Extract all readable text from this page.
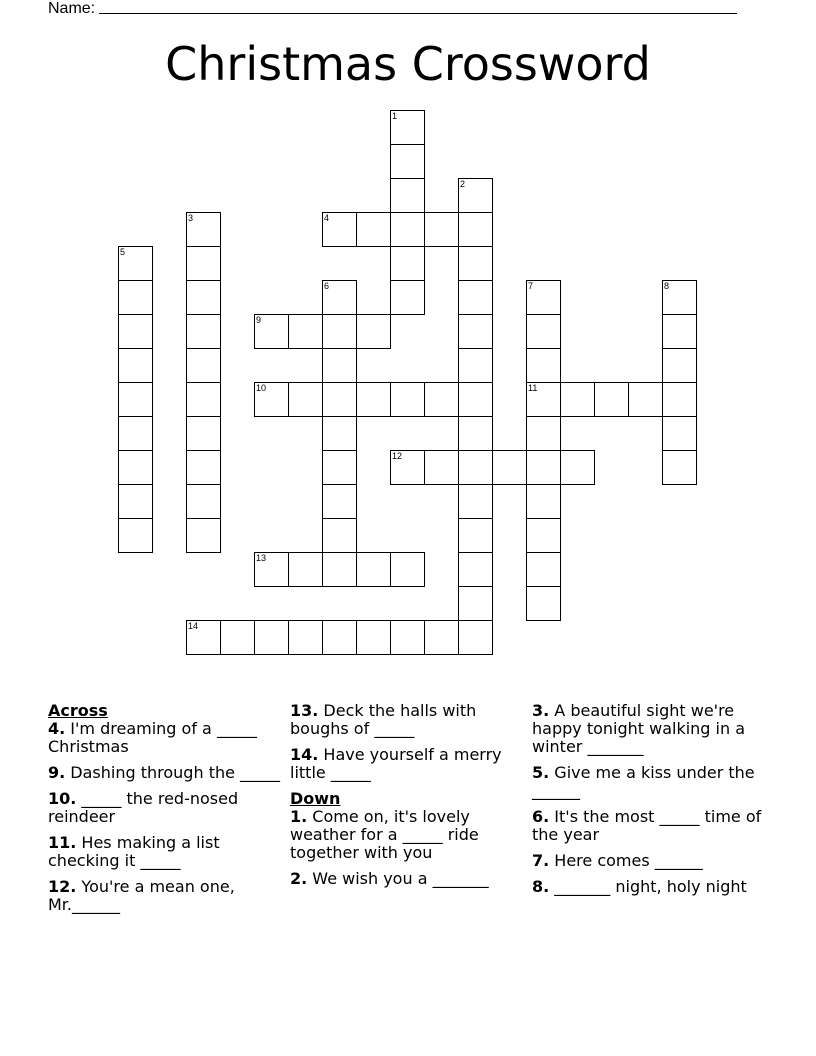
Name:
Christmas Crossword
1
2
3	4
5
6	7
11
8
9
10
12
13
14

Across

4. I'm dreaming of a _____ Christmas

9. Dashing through the _____

10. _____ the red-nosed reindeer

11. Hes making a list checking it _____

12. You're a mean one, Mr.______

13. Deck the halls with boughs of _____

14. Have yourself a merry little _____

Down

1. Come on, it's lovely weather for a _____ ride together with you

2. We wish you a _______

3. A beautiful sight we're happy tonight walking in a winter _______

5. Give me a kiss under the ______

6. It's the most _____ time of the year

7. Here comes ______

8. _______ night, holy night
